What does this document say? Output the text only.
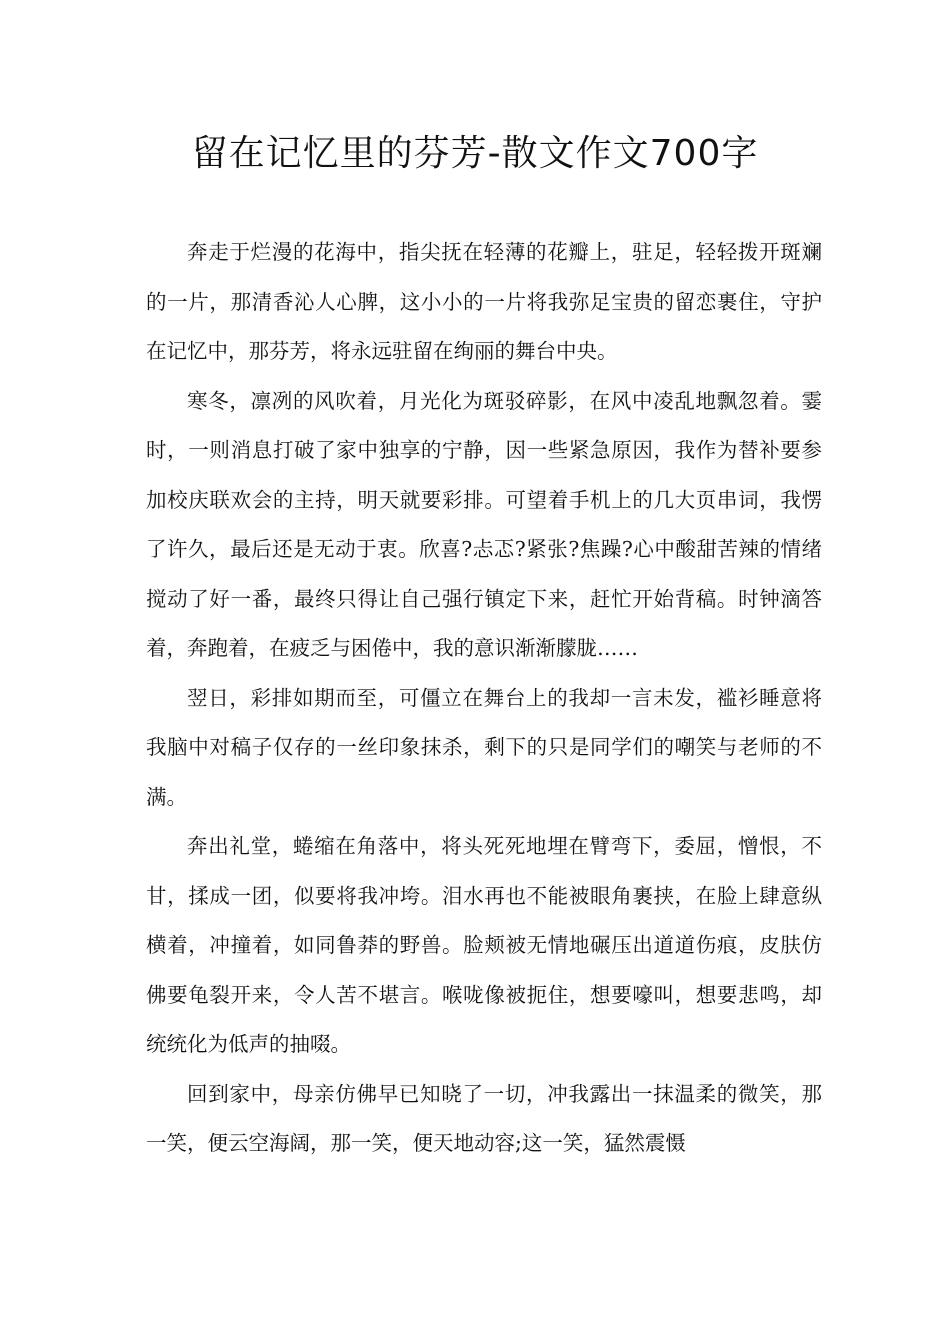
留在记忆里的芬芳-散文作文700字

奔走于烂漫的花海中，指尖抚在轻薄的花瓣上，驻足，轻轻拨开斑斓的一片，那清香沁人心脾，这小小的一片将我弥足宝贵的留恋裹住，守护在记忆中，那芬芳，将永远驻留在绚丽的舞台中央。

寒冬，凛冽的风吹着，月光化为斑驳碎影，在风中凌乱地飘忽着。霎时，一则消息打破了家中独享的宁静，因一些紧急原因，我作为替补要参加校庆联欢会的主持，明天就要彩排。可望着手机上的几大页串词，我愣了许久，最后还是无动于衷。欣喜?忐忑?紧张?焦躁?心中酸甜苦辣的情绪搅动了好一番，最终只得让自己强行镇定下来，赶忙开始背稿。时钟滴答着，奔跑着，在疲乏与困倦中，我的意识渐渐朦胧……

翌日，彩排如期而至，可僵立在舞台上的我却一言未发，褴衫睡意将我脑中对稿子仅存的一丝印象抹杀，剩下的只是同学们的嘲笑与老师的不满。

奔出礼堂，蜷缩在角落中，将头死死地埋在臂弯下，委屈，憎恨，不甘，揉成一团，似要将我冲垮。泪水再也不能被眼角裹挟，在脸上肆意纵横着，冲撞着，如同鲁莽的野兽。脸颊被无情地碾压出道道伤痕，皮肤仿佛要龟裂开来，令人苦不堪言。喉咙像被扼住，想要嚎叫，想要悲鸣，却统统化为低声的抽啜。

回到家中，母亲仿佛早已知晓了一切，冲我露出一抹温柔的微笑，那一笑，便云空海阔，那一笑，便天地动容;这一笑，猛然震慑
